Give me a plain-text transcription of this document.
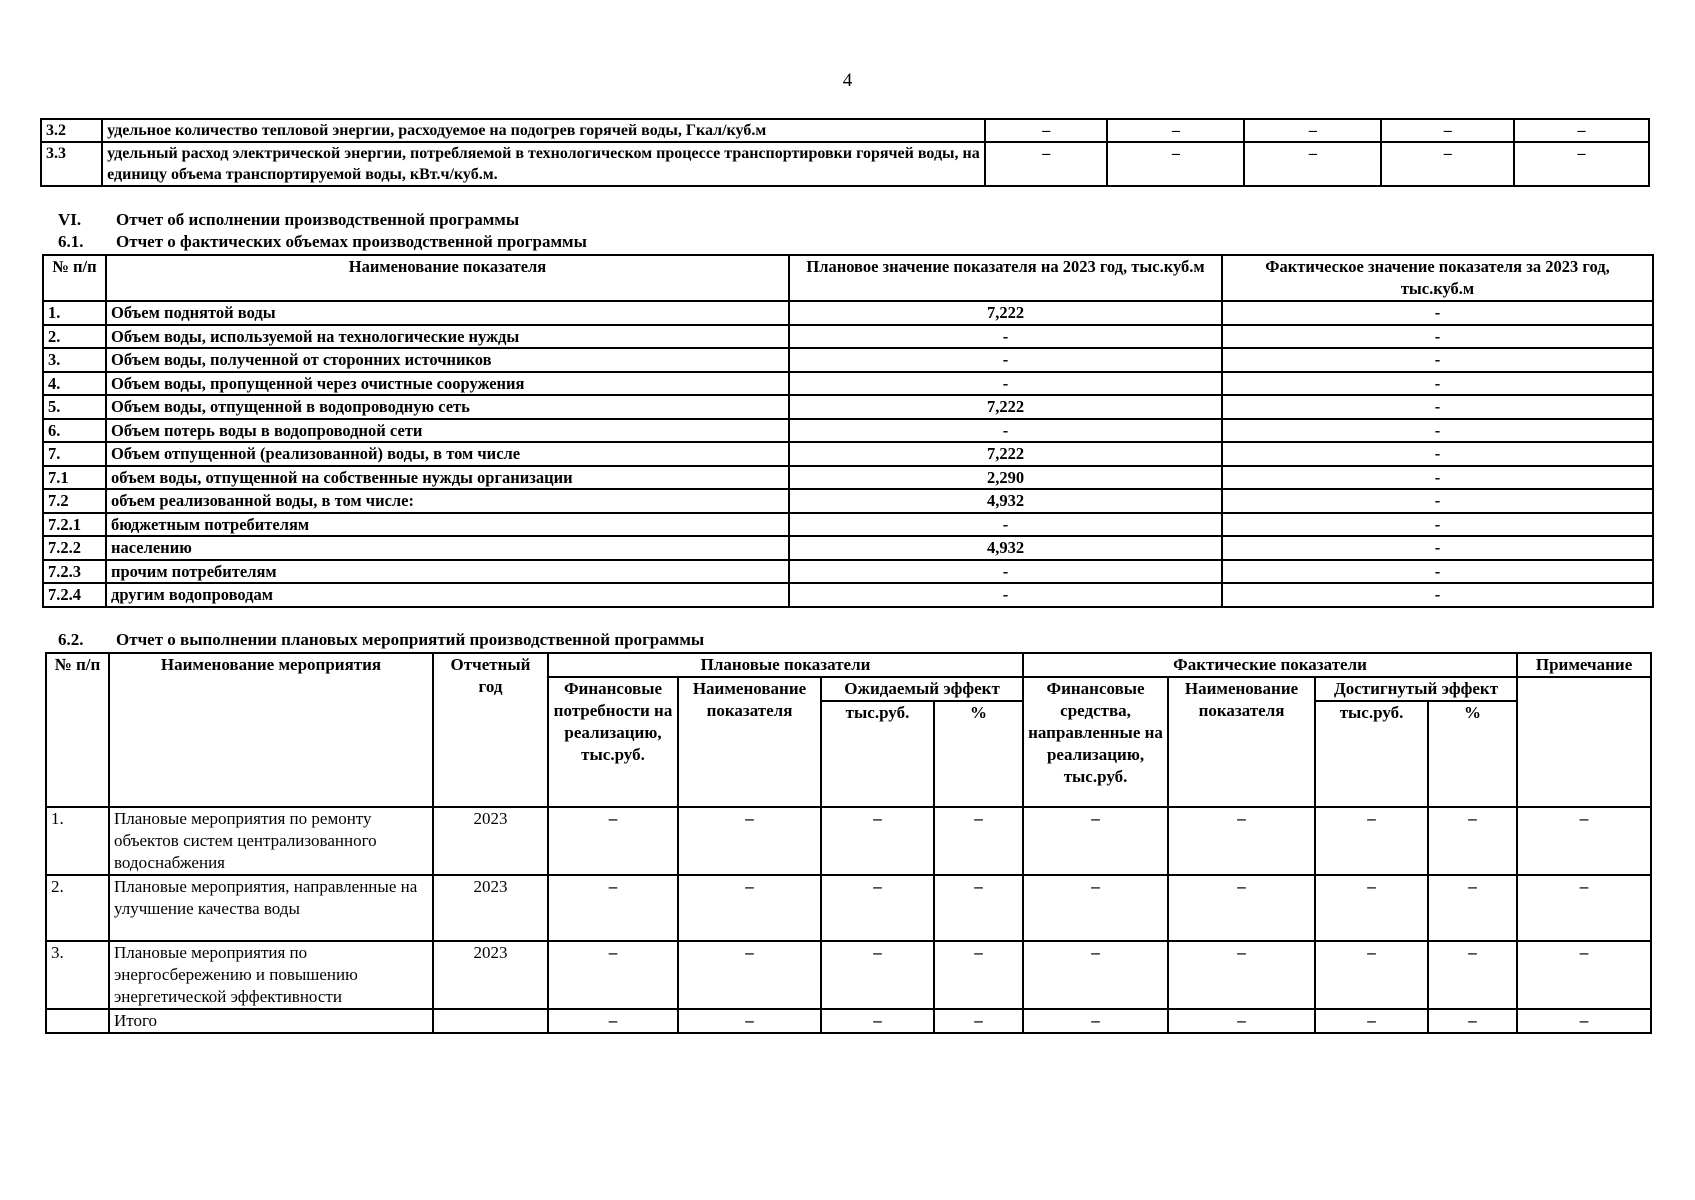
4
3.2	удельное количество тепловой энергии, расходуемое на подогрев горячей воды, Гкал/куб.м	–	–	–	–	–
3.3	удельный расход электрической энергии, потребляемой в технологическом процессе транспортировки горячей воды, на единицу объема транспортируемой воды, кВт.ч/куб.м.	–	–	–	–	–
VI. Отчет об исполнении производственной программы
6.1. Отчет о фактических объемах производственной программы
№ п/п	Наименование показателя	Плановое значение показателя на 2023 год, тыс.куб.м	Фактическое значение показателя за 2023 год, тыс.куб.м
1.	Объем поднятой воды	7,222	-
2.	Объем воды, используемой на технологические нужды	-	-
3.	Объем воды, полученной от сторонних источников	-	-
4.	Объем воды, пропущенной через очистные сооружения	-	-
5.	Объем воды, отпущенной в водопроводную сеть	7,222	-
6.	Объем потерь воды в водопроводной сети	-	-
7.	Объем отпущенной (реализованной) воды, в том числе	7,222	-
7.1	объем воды, отпущенной на собственные нужды организации	2,290	-
7.2	объем реализованной воды, в том числе:	4,932	-
7.2.1	бюджетным потребителям	-	-
7.2.2	населению	4,932	-
7.2.3	прочим потребителям	-	-
7.2.4	другим водопроводам	-	-
6.2. Отчет о выполнении плановых мероприятий производственной программы
№ п/п	Наименование мероприятия	Отчетный год	Плановые показатели				Фактические показатели				Примечание
			Финансовые потребности на реализацию, тыс.руб.	Наименование показателя	Ожидаемый эффект		Финансовые средства, направленные на реализацию, тыс.руб.	Наименование показателя	Достигнутый эффект		
					тыс.руб.	%			тыс.руб.	%	
1.	Плановые мероприятия по ремонту объектов систем централизованного водоснабжения	2023	–	–	–	–	–	–	–	–	–
2.	Плановые мероприятия, направленные на улучшение качества воды	2023	–	–	–	–	–	–	–	–	–
3.	Плановые мероприятия по энергосбережению и повышению энергетической эффективности	2023	–	–	–	–	–	–	–	–	–
	Итого		–	–	–	–	–	–	–	–	–
